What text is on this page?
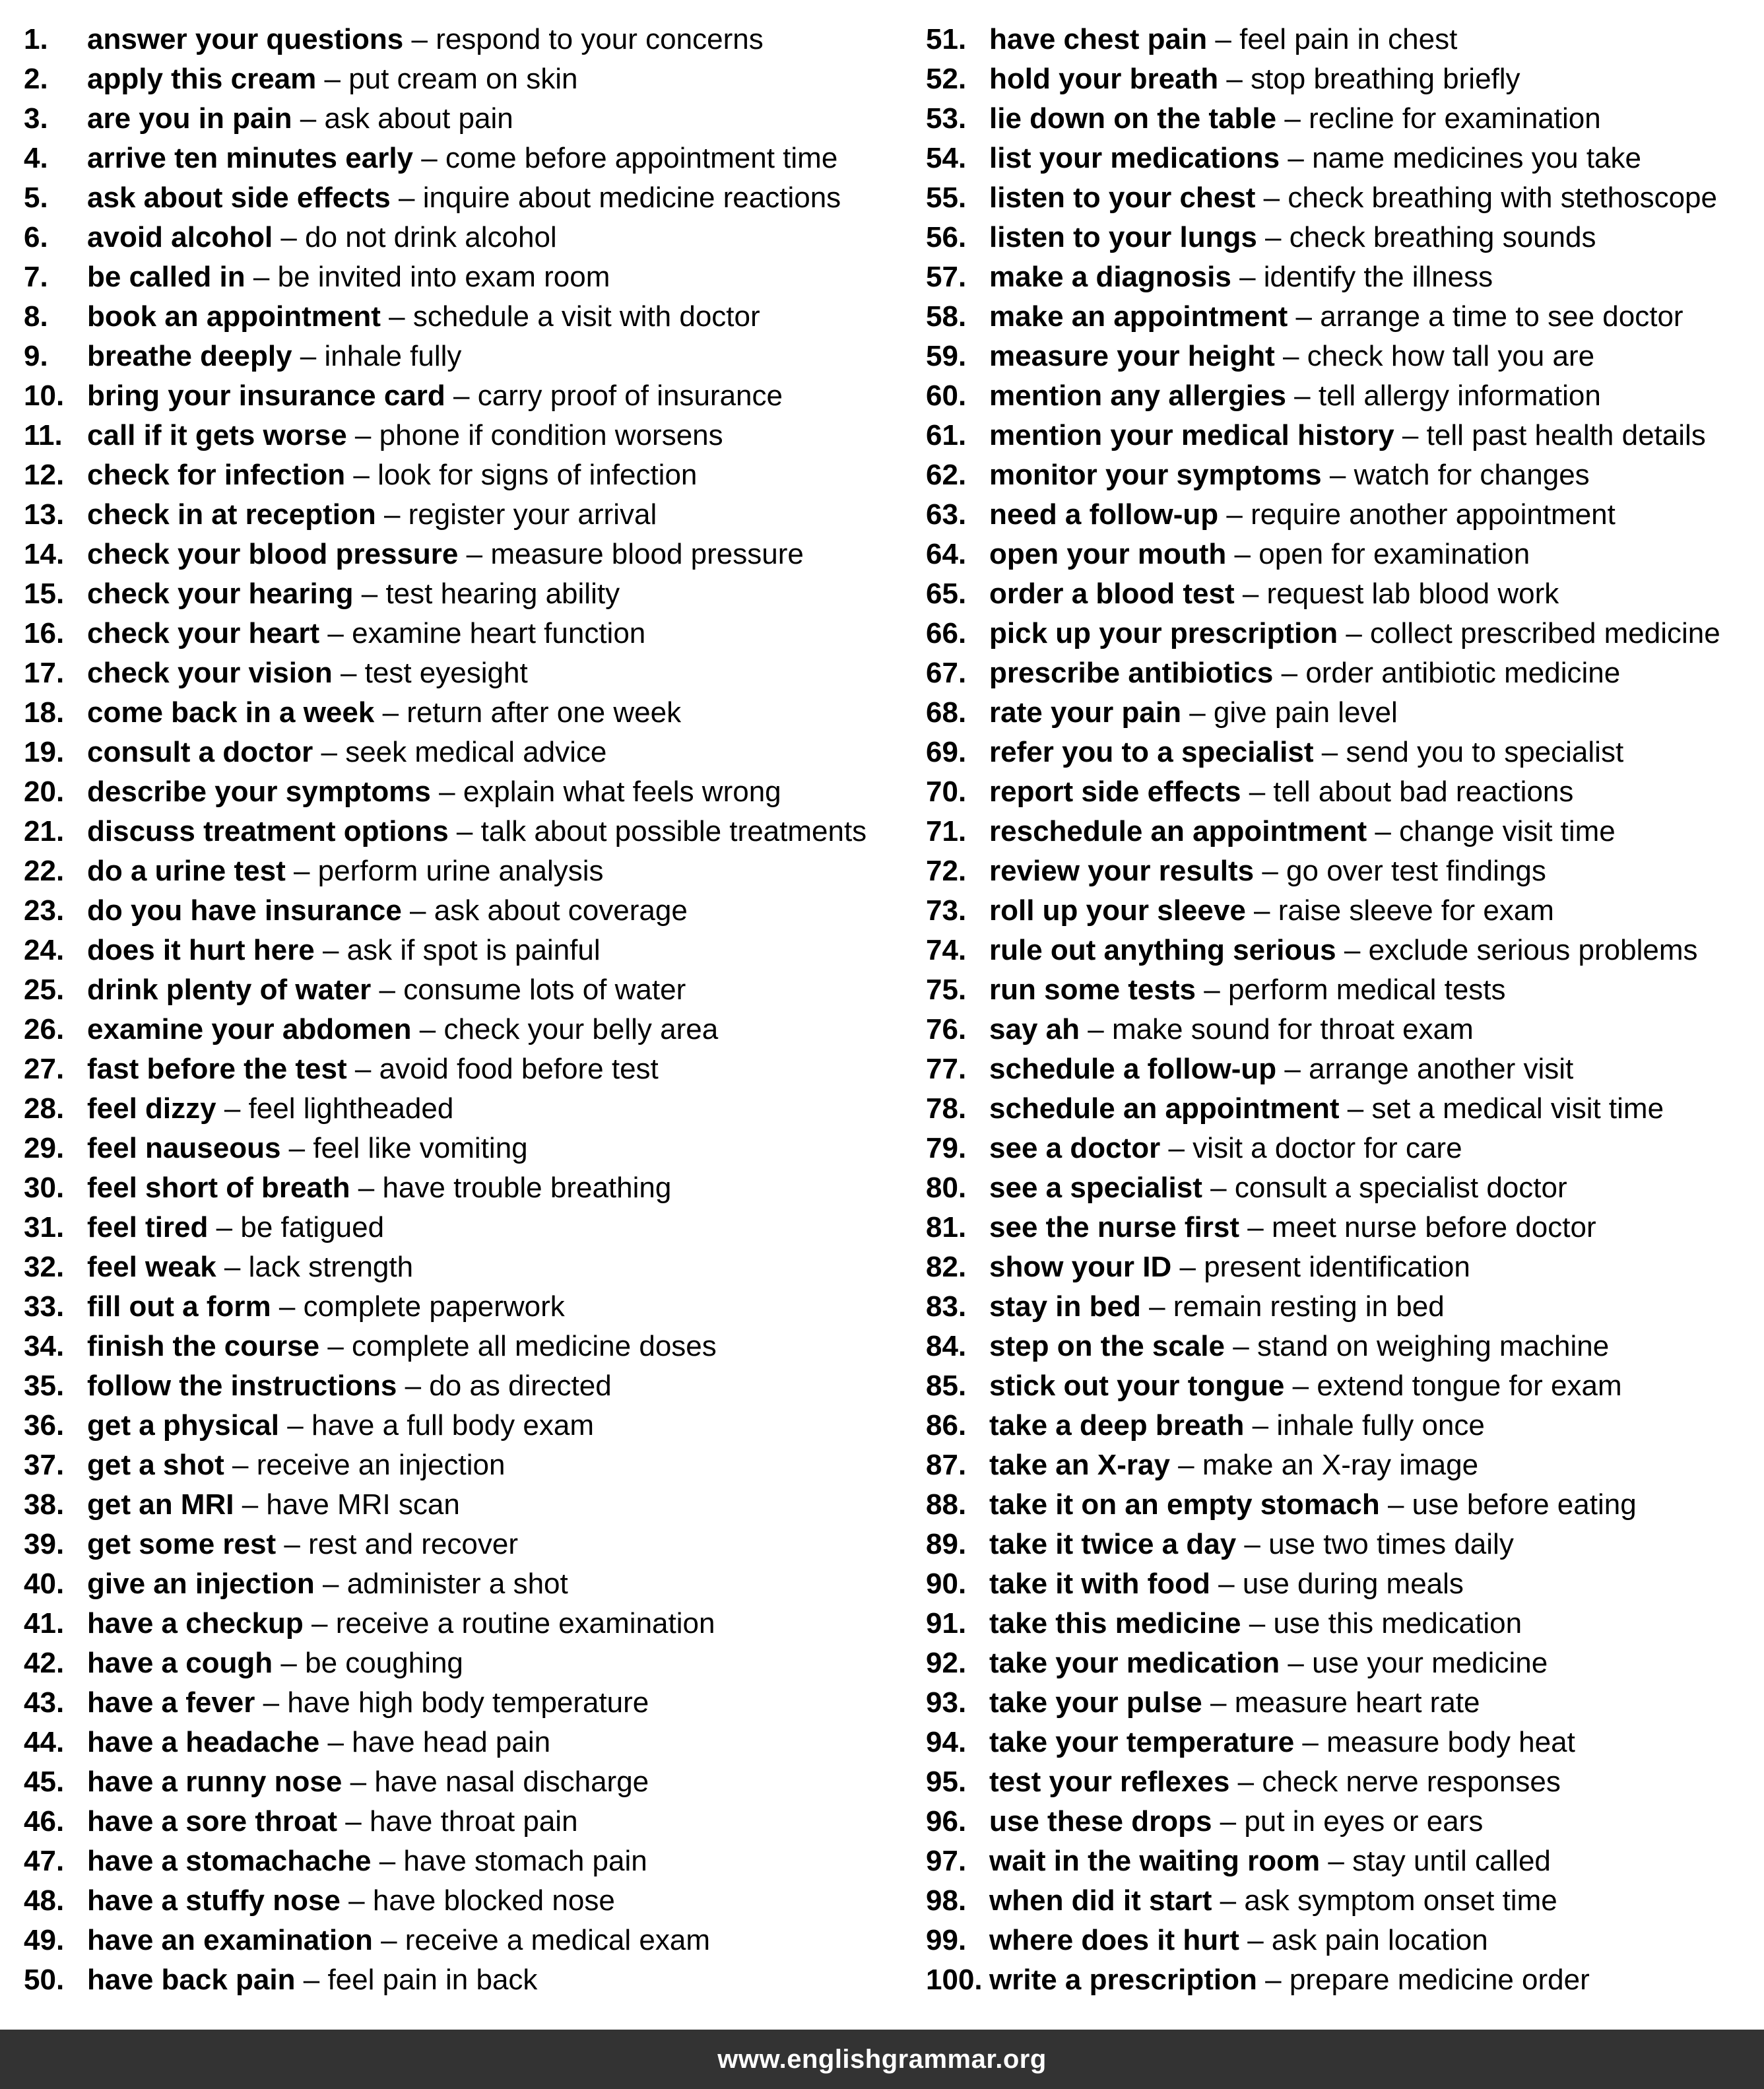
1.	answer your questions – respond to your concerns
2.	apply this cream – put cream on skin
3.	are you in pain – ask about pain
4.	arrive ten minutes early – come before appointment time
5.	ask about side effects – inquire about medicine reactions
6.	avoid alcohol – do not drink alcohol
7.	be called in – be invited into exam room
8.	book an appointment – schedule a visit with doctor
9.	breathe deeply – inhale fully
10. bring your insurance card – carry proof of insurance
11. call if it gets worse – phone if condition worsens
12. check for infection – look for signs of infection
13. check in at reception – register your arrival
14. check your blood pressure – measure blood pressure
15. check your hearing – test hearing ability
16. check your heart – examine heart function
17. check your vision – test eyesight
18. come back in a week – return after one week
19. consult a doctor – seek medical advice
20. describe your symptoms – explain what feels wrong
21. discuss treatment options – talk about possible treatments
22. do a urine test – perform urine analysis
23. do you have insurance – ask about coverage
24. does it hurt here – ask if spot is painful
25. drink plenty of water – consume lots of water
26. examine your abdomen – check your belly area
27. fast before the test – avoid food before test
28. feel dizzy – feel lightheaded
29. feel nauseous – feel like vomiting
30. feel short of breath – have trouble breathing
31. feel tired – be fatigued
32. feel weak – lack strength
33. fill out a form – complete paperwork
34. finish the course – complete all medicine doses
35. follow the instructions – do as directed
36. get a physical – have a full body exam
37. get a shot – receive an injection
38. get an MRI – have MRI scan
39. get some rest – rest and recover
40. give an injection – administer a shot
41. have a checkup – receive a routine examination
42. have a cough – be coughing
43. have a fever – have high body temperature
44. have a headache – have head pain
45. have a runny nose – have nasal discharge
46. have a sore throat – have throat pain
47. have a stomachache – have stomach pain
48. have a stuffy nose – have blocked nose
49. have an examination – receive a medical exam
50. have back pain – feel pain in back
51. have chest pain – feel pain in chest
52. hold your breath – stop breathing briefly
53. lie down on the table – recline for examination
54. list your medications – name medicines you take
55. listen to your chest – check breathing with stethoscope
56. listen to your lungs – check breathing sounds
57. make a diagnosis – identify the illness
58. make an appointment – arrange a time to see doctor
59. measure your height – check how tall you are
60. mention any allergies – tell allergy information
61. mention your medical history – tell past health details
62. monitor your symptoms – watch for changes
63. need a follow-up – require another appointment
64. open your mouth – open for examination
65. order a blood test – request lab blood work
66. pick up your prescription – collect prescribed medicine
67. prescribe antibiotics – order antibiotic medicine
68. rate your pain – give pain level
69. refer you to a specialist – send you to specialist
70. report side effects – tell about bad reactions
71. reschedule an appointment – change visit time
72. review your results – go over test findings
73. roll up your sleeve – raise sleeve for exam
74. rule out anything serious – exclude serious problems
75. run some tests – perform medical tests
76. say ah – make sound for throat exam
77. schedule a follow-up – arrange another visit
78. schedule an appointment – set a medical visit time
79. see a doctor – visit a doctor for care
80. see a specialist – consult a specialist doctor
81. see the nurse first – meet nurse before doctor
82. show your ID – present identification
83. stay in bed – remain resting in bed
84. step on the scale – stand on weighing machine
85. stick out your tongue – extend tongue for exam
86. take a deep breath – inhale fully once
87. take an X-ray – make an X-ray image
88. take it on an empty stomach – use before eating
89. take it twice a day – use two times daily
90. take it with food – use during meals
91. take this medicine – use this medication
92. take your medication – use your medicine
93. take your pulse – measure heart rate
94. take your temperature – measure body heat
95. test your reflexes – check nerve responses
96. use these drops – put in eyes or ears
97. wait in the waiting room – stay until called
98. when did it start – ask symptom onset time
99. where does it hurt – ask pain location
100. write a prescription – prepare medicine order
www.englishgrammar.org
